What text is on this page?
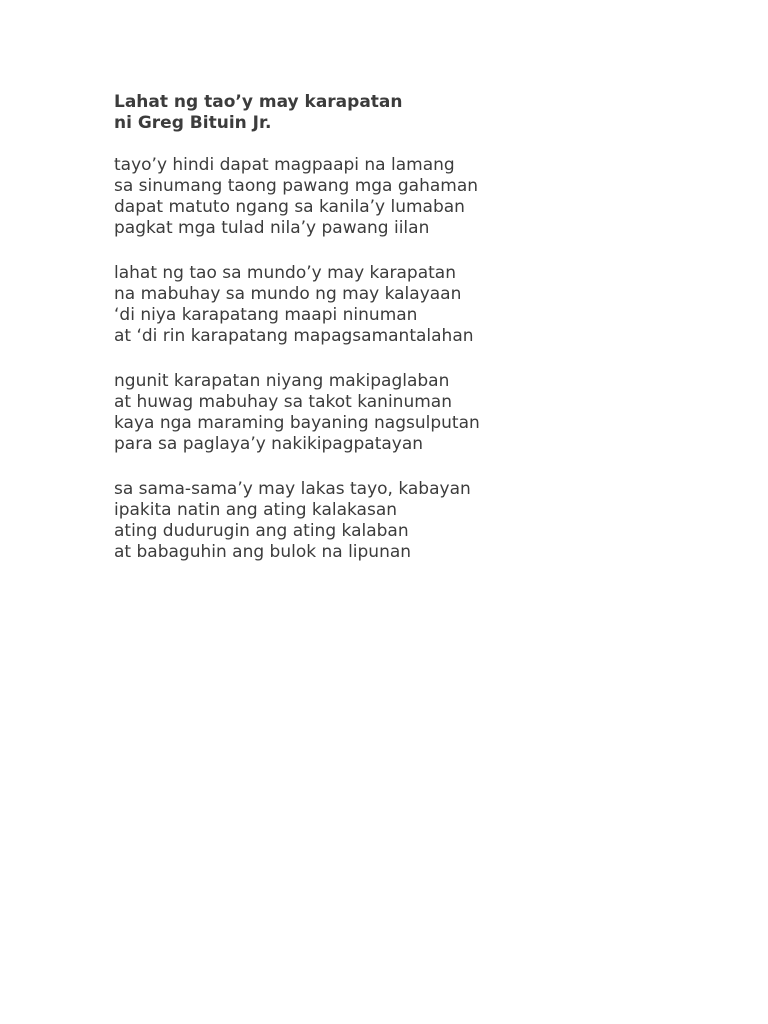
Lahat ng tao’y may karapatan
ni Greg Bituin Jr.
tayo’y hindi dapat magpaapi na lamang
sa sinumang taong pawang mga gahaman
dapat matuto ngang sa kanila’y lumaban
pagkat mga tulad nila’y pawang iilan
lahat ng tao sa mundo’y may karapatan
na mabuhay sa mundo ng may kalayaan
‘di niya karapatang maapi ninuman
at ‘di rin karapatang mapagsamantalahan
ngunit karapatan niyang makipaglaban
at huwag mabuhay sa takot kaninuman
kaya nga maraming bayaning nagsulputan
para sa paglaya’y nakikipagpatayan
sa sama-sama’y may lakas tayo, kabayan
ipakita natin ang ating kalakasan
ating dudurugin ang ating kalaban
at babaguhin ang bulok na lipunan
